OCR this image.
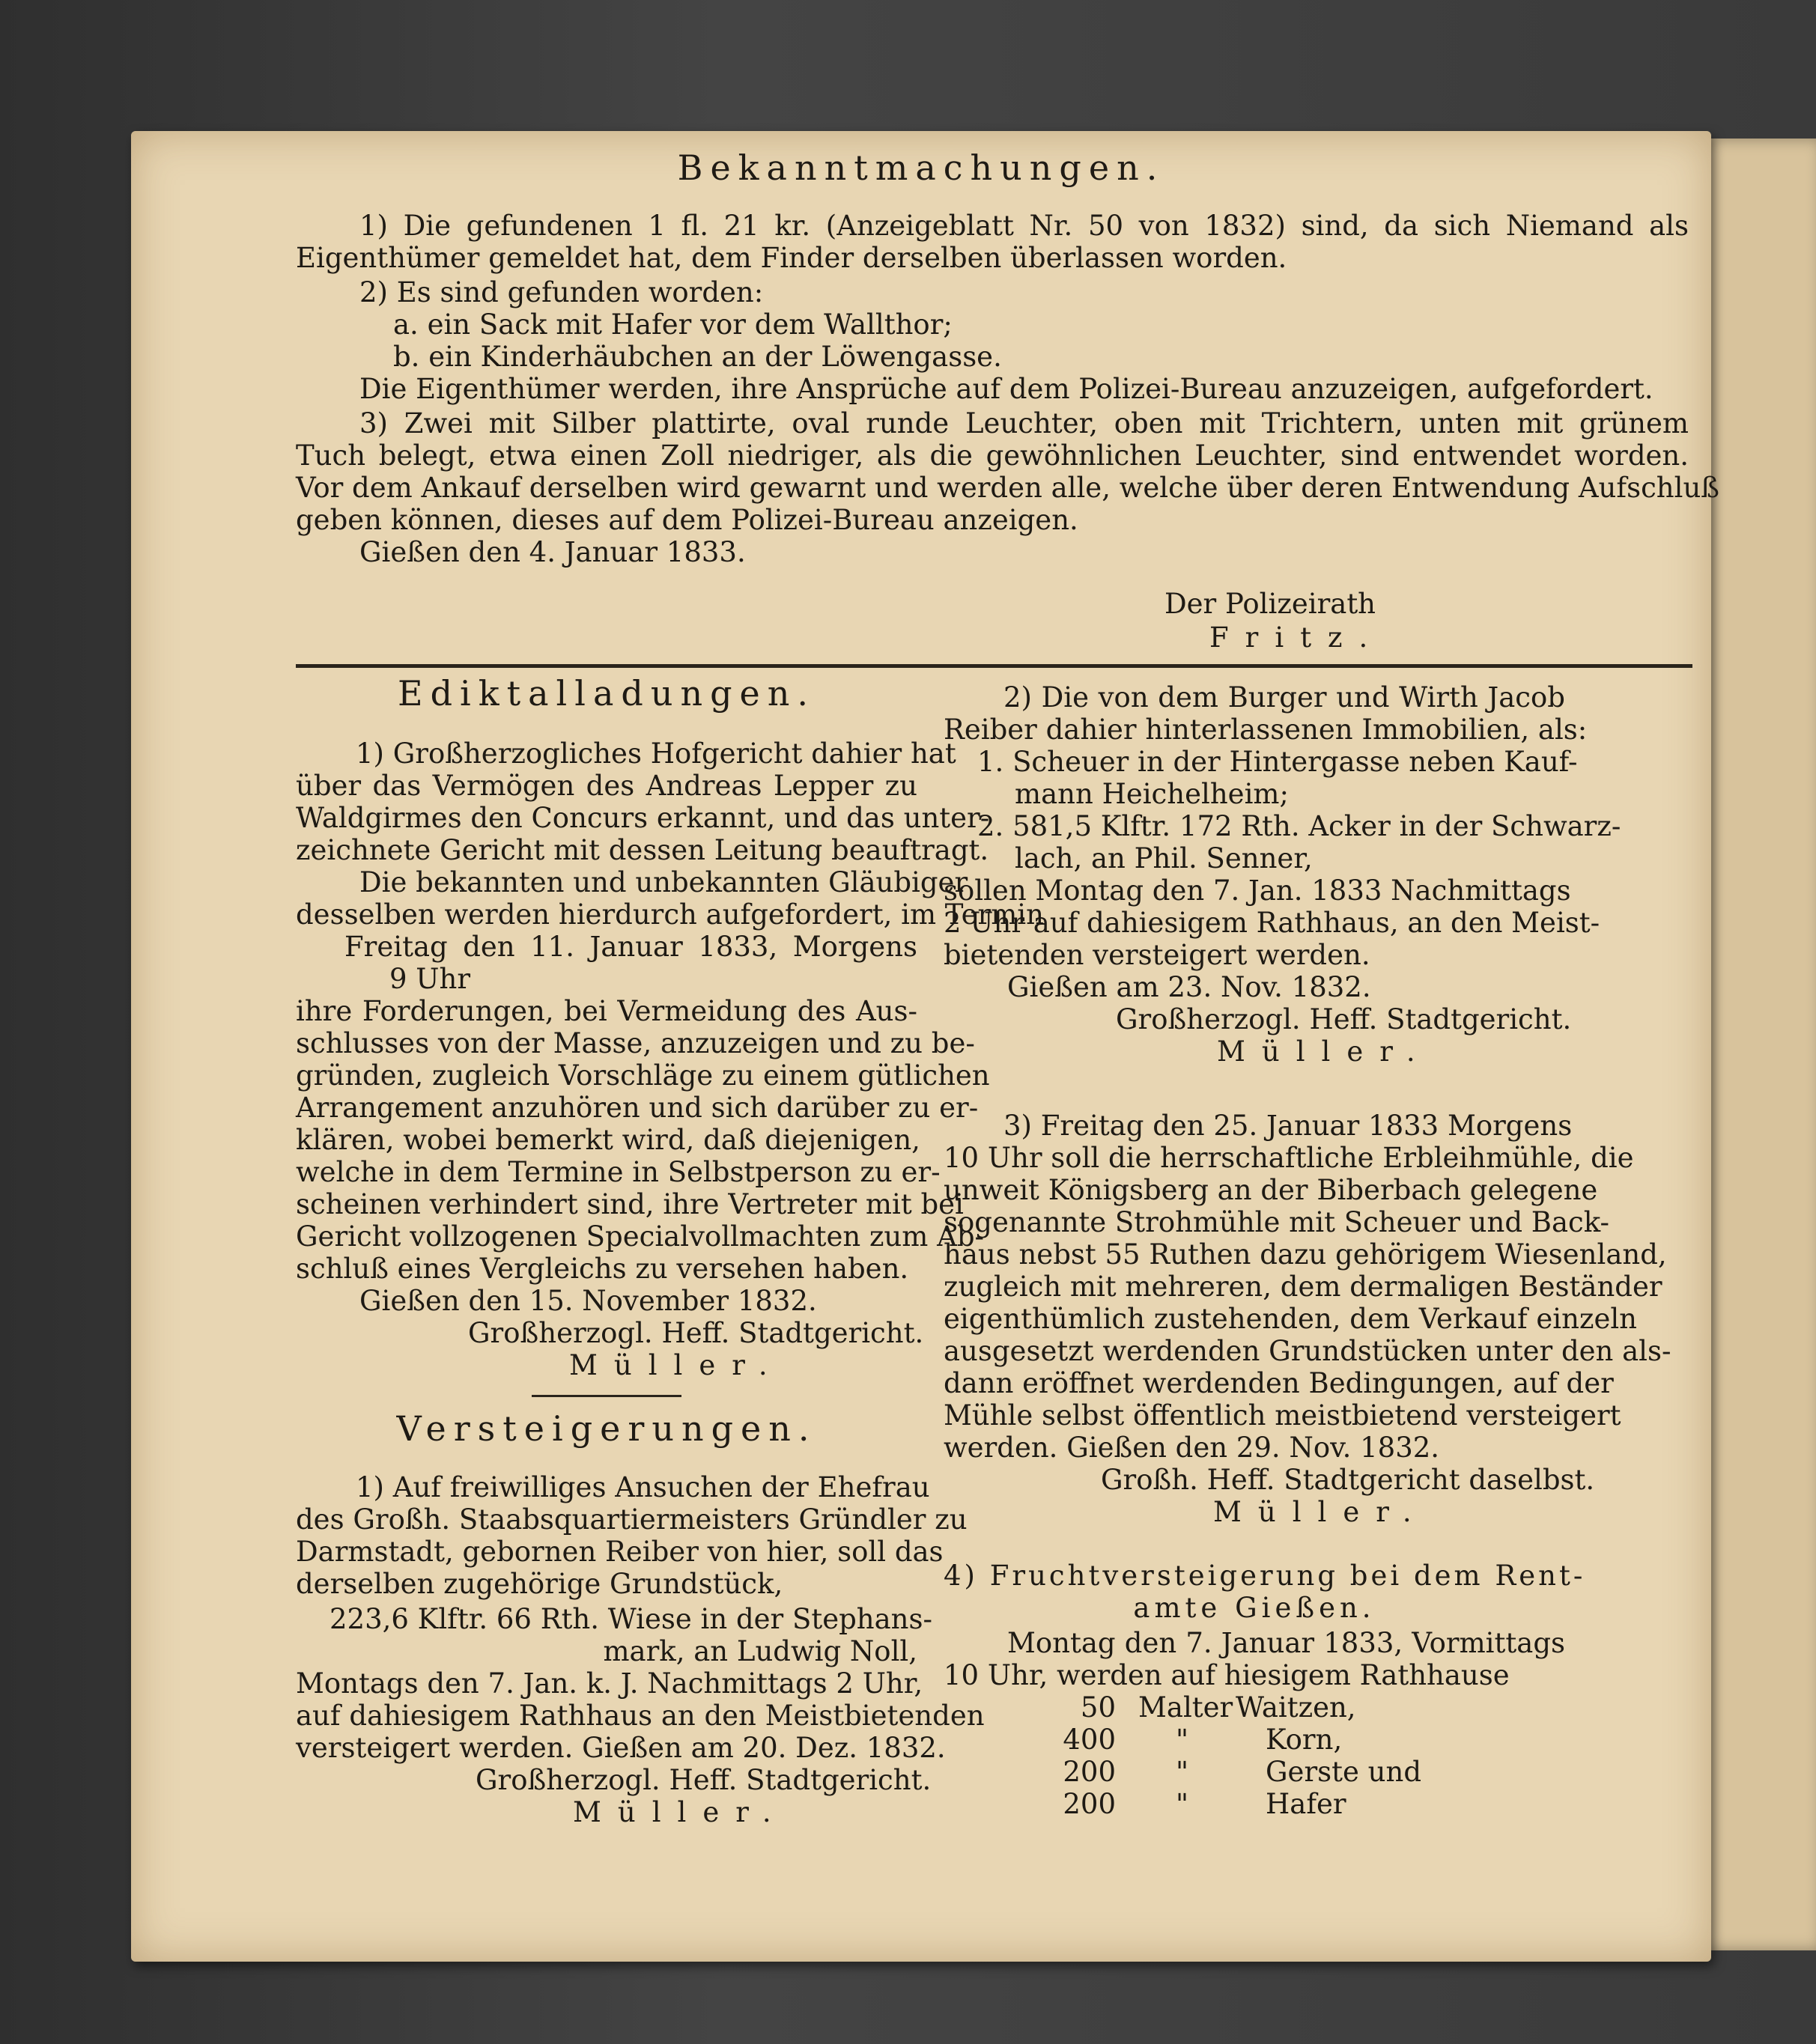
Bekanntmachungen.
1) Die gefundenen 1 fl. 21 kr. (Anzeigeblatt Nr. 50 von 1832) sind, da sich Niemand als
Eigenthümer gemeldet hat, dem Finder derselben überlassen worden.
2) Es sind gefunden worden:
a. ein Sack mit Hafer vor dem Wallthor;
b. ein Kinderhäubchen an der Löwengasse.
Die Eigenthümer werden, ihre Ansprüche auf dem Polizei-Bureau anzuzeigen, aufgefordert.
3) Zwei mit Silber plattirte, oval runde Leuchter, oben mit Trichtern, unten mit grünem
Tuch belegt, etwa einen Zoll niedriger, als die gewöhnlichen Leuchter, sind entwendet worden.
Vor dem Ankauf derselben wird gewarnt und werden alle, welche über deren Entwendung Aufschluß
geben können, dieses auf dem Polizei-Bureau anzeigen.
Gießen den 4. Januar 1833.
Der Polizeirath
Fritz.
Ediktalladungen.
1) Großherzogliches Hofgericht dahier hat
über das Vermögen des Andreas Lepper zu
Waldgirmes den Concurs erkannt, und das unter-
zeichnete Gericht mit dessen Leitung beauftragt.
Die bekannten und unbekannten Gläubiger
desselben werden hierdurch aufgefordert, im Termin
Freitag den 11. Januar 1833, Morgens
9 Uhr
ihre Forderungen, bei Vermeidung des Aus-
schlusses von der Masse, anzuzeigen und zu be-
gründen, zugleich Vorschläge zu einem gütlichen
Arrangement anzuhören und sich darüber zu er-
klären, wobei bemerkt wird, daß diejenigen,
welche in dem Termine in Selbstperson zu er-
scheinen verhindert sind, ihre Vertreter mit bei
Gericht vollzogenen Specialvollmachten zum Ab-
schluß eines Vergleichs zu versehen haben.
Gießen den 15. November 1832.
Großherzogl. Heff. Stadtgericht.
Müller.
Versteigerungen.
1) Auf freiwilliges Ansuchen der Ehefrau
des Großh. Staabsquartiermeisters Gründler zu
Darmstadt, gebornen Reiber von hier, soll das
derselben zugehörige Grundstück,
223,6 Klftr. 66 Rth. Wiese in der Stephans-
mark, an Ludwig Noll,
Montags den 7. Jan. k. J. Nachmittags 2 Uhr,
auf dahiesigem Rathhaus an den Meistbietenden
versteigert werden. Gießen am 20. Dez. 1832.
Großherzogl. Heff. Stadtgericht.
Müller.
2) Die von dem Burger und Wirth Jacob
Reiber dahier hinterlassenen Immobilien, als:
1. Scheuer in der Hintergasse neben Kauf-
mann Heichelheim;
2. 581,5 Klftr. 172 Rth. Acker in der Schwarz-
lach, an Phil. Senner,
sollen Montag den 7. Jan. 1833 Nachmittags
2 Uhr auf dahiesigem Rathhaus, an den Meist-
bietenden versteigert werden.
Gießen am 23. Nov. 1832.
Großherzogl. Heff. Stadtgericht.
Müller.
3) Freitag den 25. Januar 1833 Morgens
10 Uhr soll die herrschaftliche Erbleihmühle, die
unweit Königsberg an der Biberbach gelegene
sogenannte Strohmühle mit Scheuer und Back-
haus nebst 55 Ruthen dazu gehörigem Wiesenland,
zugleich mit mehreren, dem dermaligen Beständer
eigenthümlich zustehenden, dem Verkauf einzeln
ausgesetzt werdenden Grundstücken unter den als-
dann eröffnet werdenden Bedingungen, auf der
Mühle selbst öffentlich meistbietend versteigert
werden. Gießen den 29. Nov. 1832.
Großh. Heff. Stadtgericht daselbst.
Müller.
4) Fruchtversteigerung bei dem Rent-
amte Gießen.
Montag den 7. Januar 1833, Vormittags
10 Uhr, werden auf hiesigem Rathhause
50 Malter Waitzen,
400 "	Korn,
200 "	Gerste und
200 "	Hafer
